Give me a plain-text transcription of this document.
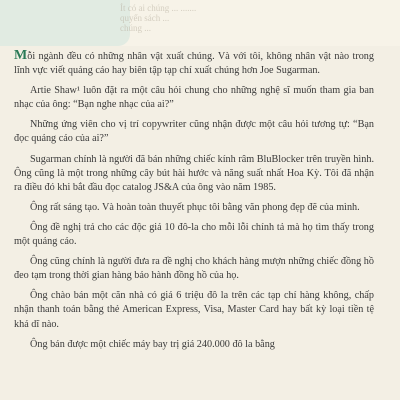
Ít có ai chúng ... .......
quyển sách ...
chúng ...

Mỗi ngành đều có những nhân vật xuất chúng. Và với tôi, không nhân vật nào trong lĩnh vực viết quảng cáo hay biên tập tạp chí xuất chúng hơn Joe Sugarman.

Artie Shaw¹ luôn đặt ra một câu hỏi chung cho những nghệ sĩ muốn tham gia ban nhạc của ông: “Bạn nghe nhạc của ai?”

Những ứng viên cho vị trí copywriter cũng nhận được một câu hỏi tương tự: “Bạn đọc quảng cáo của ai?”

Sugarman chính là người đã bán những chiếc kính râm BluBlocker trên truyền hình. Ông cũng là một trong những cây bút hài hước và năng suất nhất Hoa Kỳ. Tôi đã nhận ra điều đó khi bắt đầu đọc catalog JS&A của ông vào năm 1985.

Ông rất sáng tạo. Và hoàn toàn thuyết phục tôi bằng văn phong đẹp đẽ của mình.

Ông đề nghị trả cho các độc giả 10 đô-la cho mỗi lỗi chính tả mà họ tìm thấy trong một quảng cáo.

Ông cũng chính là người đưa ra đề nghị cho khách hàng mượn những chiếc đồng hồ đeo tạm trong thời gian hàng bảo hành đồng hồ của họ.

Ông chào bán một căn nhà có giá 6 triệu đô la trên các tạp chí hàng không, chấp nhận thanh toán bằng thẻ American Express, Visa, Master Card hay bất kỳ loại tiền tệ khả dĩ nào.

Ông bán được một chiếc máy bay trị giá 240.000 đô la bằng
